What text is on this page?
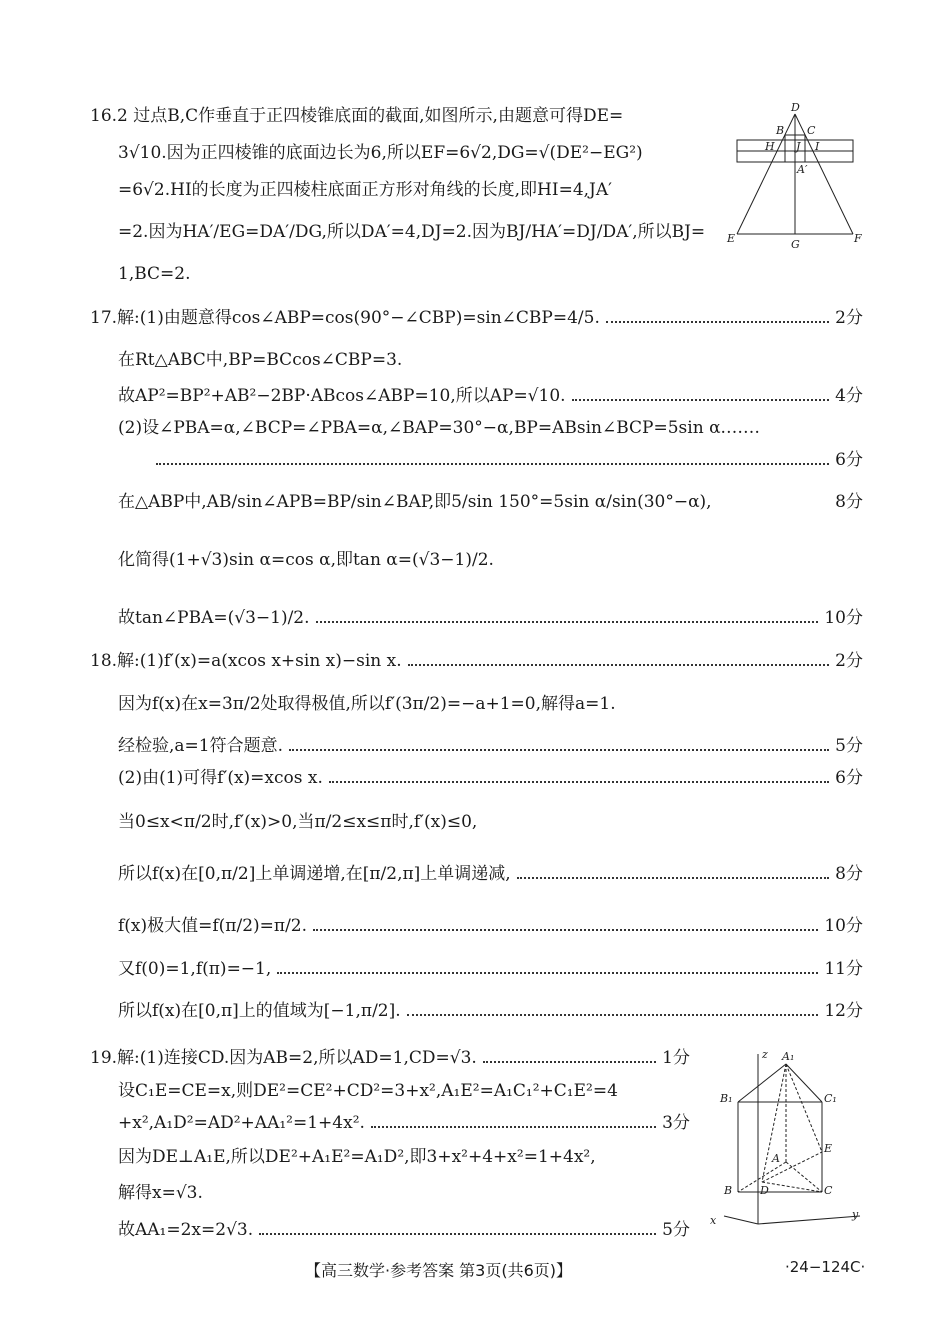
16.2 过点B,C作垂直于正四棱锥底面的截面,如图所示,由题意可得DE=
3√10.因为正四棱锥的底面边长为6,所以EF=6√2,DG=√(DE²−EG²)
=6√2.HI的长度为正四棱柱底面正方形对角线的长度,即HI=4,JA′
=2.因为HA′/EG=DA′/DG,所以DA′=4,DJ=2.因为BJ/HA′=DJ/DA′,所以BJ=
1,BC=2.
D
B C
H J I
A′
E	G	F
17.解:(1)由题意得cos∠ABP=cos(90°−∠CBP)=sin∠CBP=4/5.	2分
在Rt△ABC中,BP=BCcos∠CBP=3.
故AP²=BP²+AB²−2BP·ABcos∠ABP=10,所以AP=√10.	4分
(2)设∠PBA=α,∠BCP=∠PBA=α,∠BAP=30°−α,BP=ABsin∠BCP=5sin α.……
6分
在△ABP中,AB/sin∠APB=BP/sin∠BAP,即5/sin 150°=5sin α/sin(30°−α),	8分
化简得(1+√3)sin α=cos α,即tan α=(√3−1)/2.
故tan∠PBA=(√3−1)/2.	10分
18.解:(1)f′(x)=a(xcos x+sin x)−sin x.	2分
因为f(x)在x=3π/2处取得极值,所以f′(3π/2)=−a+1=0,解得a=1.
经检验,a=1符合题意.	5分
(2)由(1)可得f′(x)=xcos x.	6分
当0≤x<π/2时,f′(x)>0,当π/2≤x≤π时,f′(x)≤0,
所以f(x)在[0,π/2]上单调递增,在[π/2,π]上单调递减,	8分
f(x)极大值=f(π/2)=π/2.	10分
又f(0)=1,f(π)=−1,	11分
所以f(x)在[0,π]上的值域为[−1,π/2].	12分
19.解:(1)连接CD.因为AB=2,所以AD=1,CD=√3.	1分
设C₁E=CE=x,则DE²=CE²+CD²=3+x²,A₁E²=A₁C₁²+C₁E²=4
+x²,A₁D²=AD²+AA₁²=1+4x².	3分
因为DE⊥A₁E,所以DE²+A₁E²=A₁D²,即3+x²+4+x²=1+4x²,
解得x=√3.
故AA₁=2x=2√3.	5分
z A₁
B₁	C₁
E
A
B	D	C
x	y
【高三数学·参考答案 第3页(共6页)】	·24−124C·
